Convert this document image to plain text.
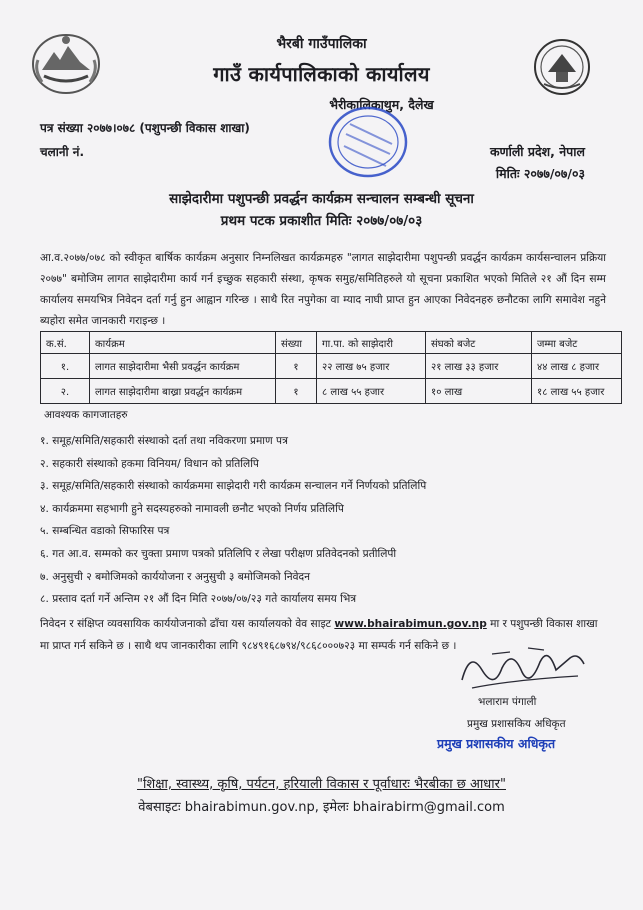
भैरबी गाउँपालिका
गाउँ कार्यपालिकाको कार्यालय
भैरीकालिकाथुम, दैलेख
पत्र संख्या २०७७।०७८ (पशुपन्छी विकास शाखा)
चलानी नं.	कर्णाली प्रदेश, नेपाल
मितिः २०७७/०७/०३
साझेदारीमा पशुपन्छी प्रवर्द्धन कार्यक्रम सन्चालन सम्बन्धी सूचना
प्रथम पटक प्रकाशीत मितिः २०७७/०७/०३
आ.व.२०७७/०७८ को स्वीकृत बार्षिक कार्यक्रम अनुसार निम्नलिखत कार्यक्रमहरु "लागत साझेदारीमा पशुपन्छी प्रवर्द्धन कार्यक्रम कार्यसन्चालन प्रक्रिया २०७७" बमोजिम लागत साझेदारीमा कार्य गर्न इच्छुक सहकारी संस्था, कृषक समुह/समितिहरुले यो सूचना प्रकाशित भएको मितिले २१ औं दिन सम्म कार्यालय समयभित्र निवेदन दर्ता गर्नु हुन आह्वान गरिन्छ । साथै रित नपुगेका वा म्याद नाघी प्राप्त हुन आएका निवेदनहरु छनौटका लागि समावेश नहुने ब्यहोरा समेत जानकारी गराइन्छ ।
क.सं.	कार्यक्रम	संख्या	गा.पा. को साझेदारी	संघको बजेट	जम्मा बजेट
१.	लागत साझेदारीमा भैसी प्रवर्द्धन कार्यक्रम	१	२२ लाख ७५ हजार	२१ लाख ३३ हजार	४४ लाख ८ हजार
२.	लागत साझेदारीमा बाख्रा प्रवर्द्धन कार्यक्रम	१	८ लाख ५५ हजार	१० लाख	१८ लाख ५५ हजार
आवश्यक कागजातहरु
१. समूह/समिति/सहकारी संस्थाको दर्ता तथा नविकरणा प्रमाण पत्र
२. सहकारी संस्थाको हकमा विनियम/ विधान को प्रतिलिपि
३. समूह/समिति/सहकारी संस्थाको कार्यक्रममा साझेदारी गरी कार्यक्रम सन्चालन गर्ने निर्णयको प्रतिलिपि
४. कार्यक्रममा सहभागी हुने सदस्यहरुको नामावली छनौट भएको निर्णय प्रतिलिपि
५. सम्बन्धित वडाको सिफारिस पत्र
६. गत आ.व. सम्मको कर चुक्ता प्रमाण पत्रको प्रतिलिपि र लेखा परीक्षण प्रतिवेदनको प्रतीलिपी
७. अनुसुची २ बमोजिमको कार्ययोजना र अनुसुची ३ बमोजिमको निवेदन
८. प्रस्ताव दर्ता गर्ने अन्तिम २१ औं दिन मिति २०७७/०७/२३ गते कार्यालय समय भित्र
निवेदन र संक्षिप्त व्यवसायिक कार्ययोजनाको ढाँचा यस कार्यालयको वेव साइट www.bhairabimun.gov.np मा र पशुपन्छी विकास शाखा मा प्राप्त गर्न सकिने छ । साथै थप जानकारीका लागि ९८४९१६८७९४/९८६८०००७२३ मा सम्पर्क गर्न सकिने छ ।
भलाराम पंगाली
प्रमुख प्रशासकिय अधिकृत
प्रमुख प्रशासकीय अधिकृत
"शिक्षा, स्वास्थ्य, कृषि, पर्यटन, हरियाली विकास र पूर्वाधारः भैरबीका छ आधार"
वेबसाइटः bhairabimun.gov.np, इमेलः bhairabirm@gmail.com
